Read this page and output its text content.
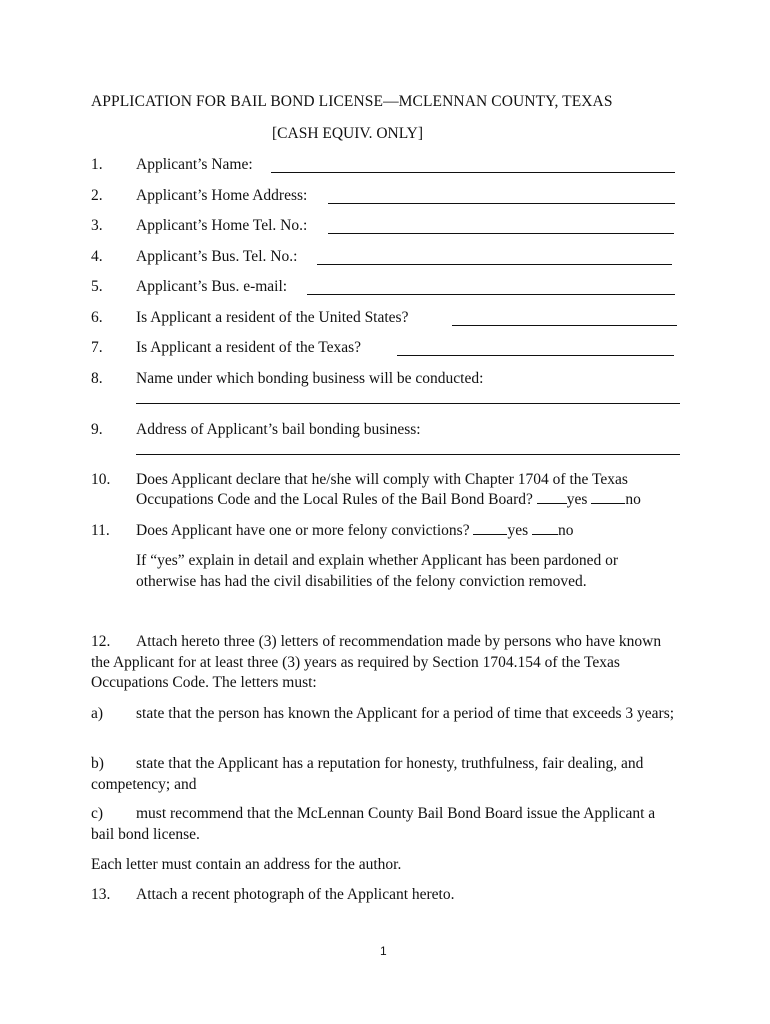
APPLICATION FOR BAIL BOND LICENSE—MCLENNAN COUNTY, TEXAS
[CASH EQUIV. ONLY]
1. Applicant’s Name:
2. Applicant’s Home Address:
3. Applicant’s Home Tel. No.:
4. Applicant’s Bus. Tel. No.:
5. Applicant’s Bus. e-mail:
6. Is Applicant a resident of the United States?
7. Is Applicant a resident of the Texas?
8. Name under which bonding business will be conducted:
9. Address of Applicant’s bail bonding business:
10. Does Applicant declare that he/she will comply with Chapter 1704 of the Texas
Occupations Code and the Local Rules of the Bail Bond Board? yes no
11. Does Applicant have one or more felony convictions? yes no
If “yes” explain in detail and explain whether Applicant has been pardoned or
otherwise has had the civil disabilities of the felony conviction removed.
12. Attach hereto three (3) letters of recommendation made by persons who have known the Applicant for at least three (3) years as required by Section 1704.154 of the Texas Occupations Code. The letters must:
a) state that the person has known the Applicant for a period of time that exceeds 3 years;
b) state that the Applicant has a reputation for honesty, truthfulness, fair dealing, and competency; and
c) must recommend that the McLennan County Bail Bond Board issue the Applicant a bail bond license.
Each letter must contain an address for the author.
13. Attach a recent photograph of the Applicant hereto.
1
